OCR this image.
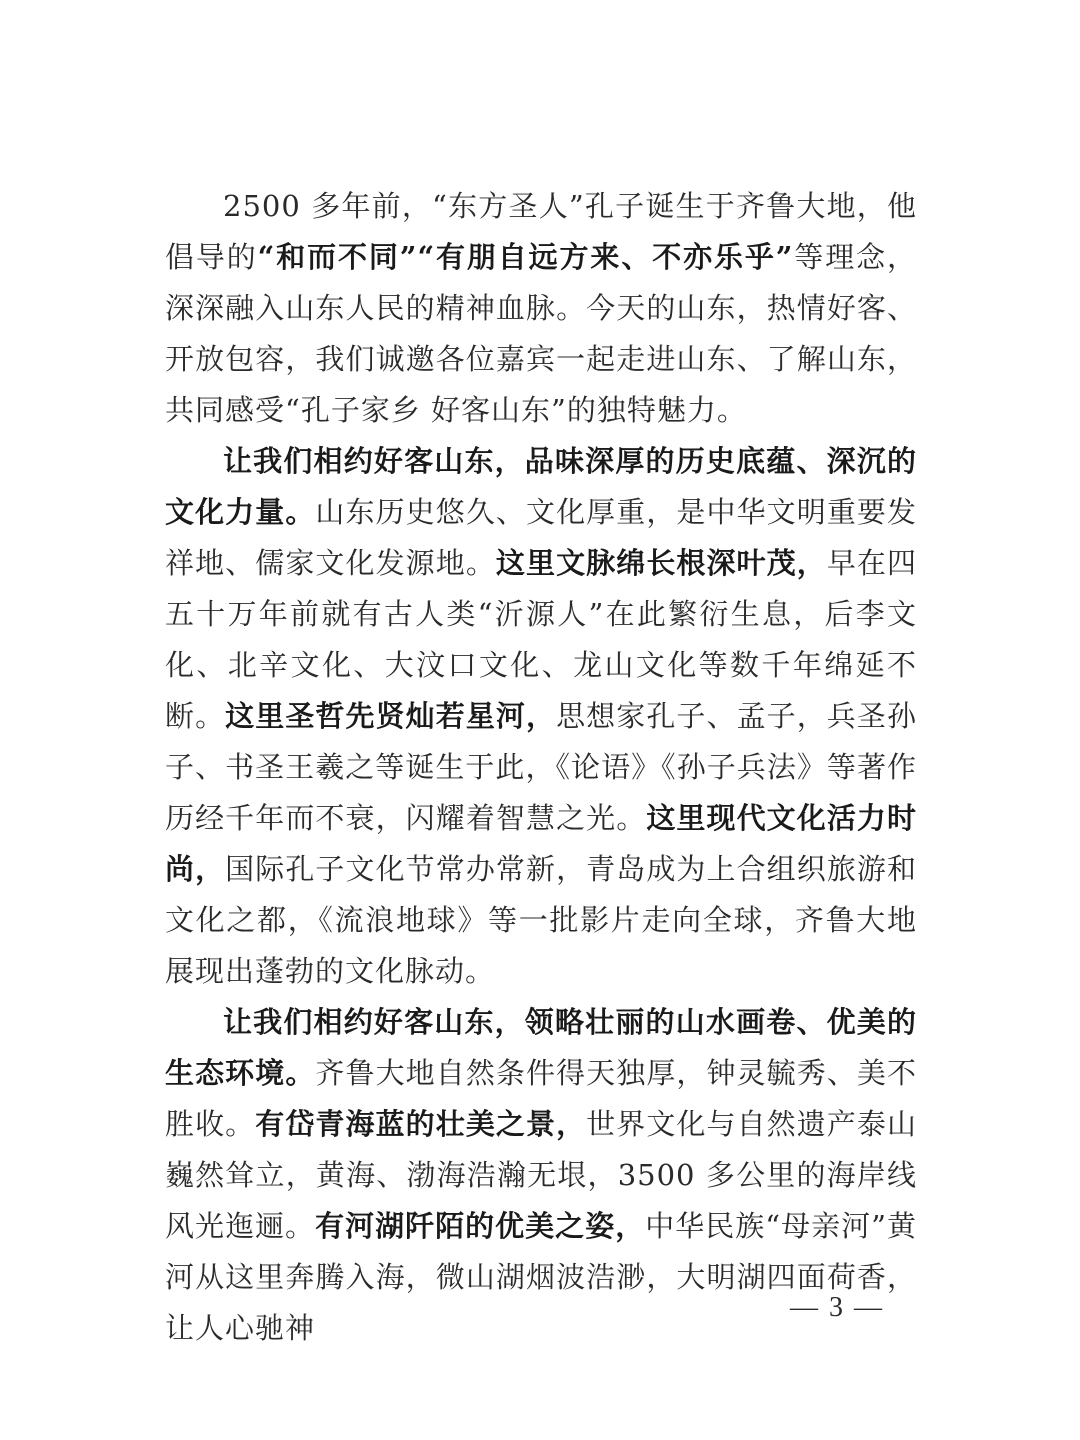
2500 多年前，“东方圣人”孔子诞生于齐鲁大地，他倡导的“和而不同”“有朋自远方来、不亦乐乎”等理念，深深融入山东人民的精神血脉。今天的山东，热情好客、开放包容，我们诚邀各位嘉宾一起走进山东、了解山东，共同感受“孔子家乡 好客山东”的独特魅力。

让我们相约好客山东，品味深厚的历史底蕴、深沉的文化力量。山东历史悠久、文化厚重，是中华文明重要发祥地、儒家文化发源地。这里文脉绵长根深叶茂，早在四五十万年前就有古人类“沂源人”在此繁衍生息，后李文化、北辛文化、大汶口文化、龙山文化等数千年绵延不断。这里圣哲先贤灿若星河，思想家孔子、孟子，兵圣孙子、书圣王羲之等诞生于此，《论语》《孙子兵法》等著作历经千年而不衰，闪耀着智慧之光。这里现代文化活力时尚，国际孔子文化节常办常新，青岛成为上合组织旅游和文化之都，《流浪地球》等一批影片走向全球，齐鲁大地展现出蓬勃的文化脉动。

让我们相约好客山东，领略壮丽的山水画卷、优美的生态环境。齐鲁大地自然条件得天独厚，钟灵毓秀、美不胜收。有岱青海蓝的壮美之景，世界文化与自然遗产泰山巍然耸立，黄海、渤海浩瀚无垠，3500 多公里的海岸线风光迤逦。有河湖阡陌的优美之姿，中华民族“母亲河”黄河从这里奔腾入海，微山湖烟波浩渺，大明湖四面荷香，让人心驰神

— 3 —
